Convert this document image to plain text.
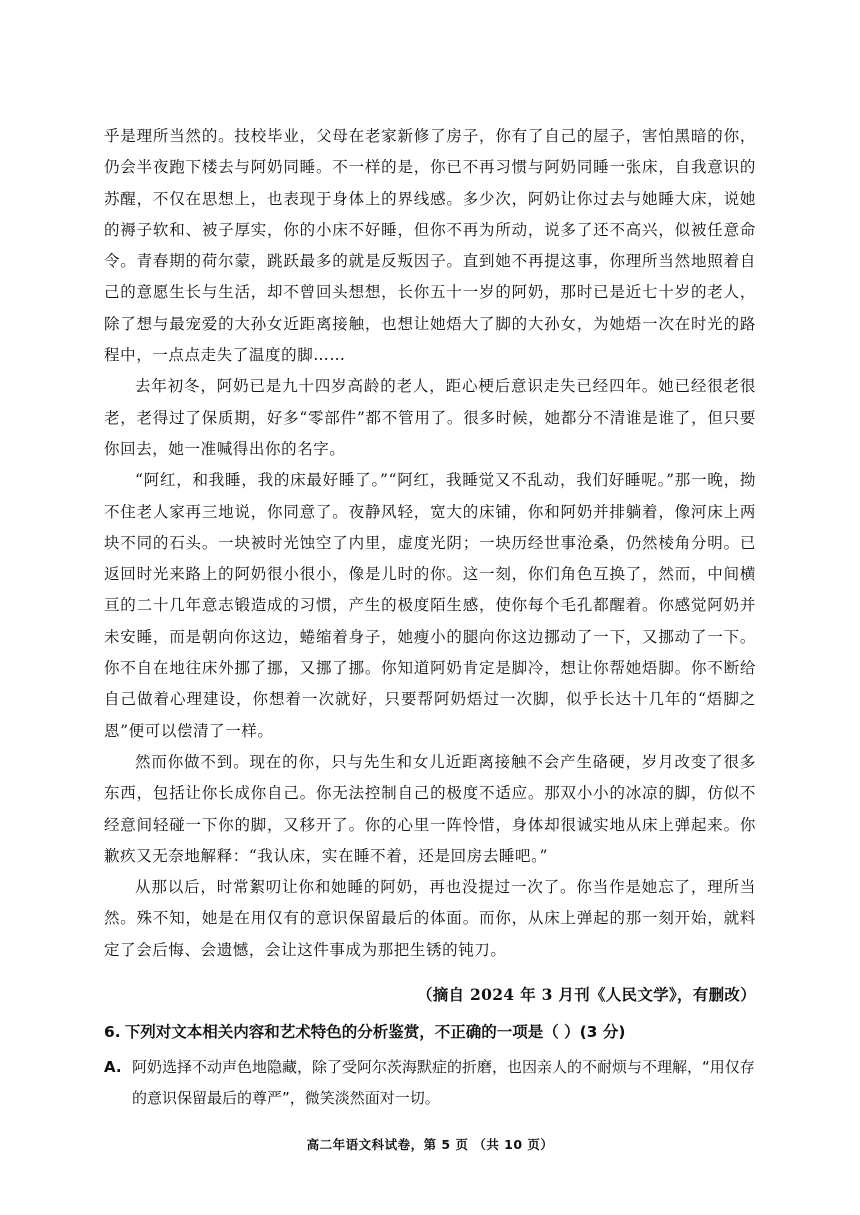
乎是理所当然的。技校毕业，父母在老家新修了房子，你有了自己的屋子，害怕黑暗的你，仍会半夜跑下楼去与阿奶同睡。不一样的是，你已不再习惯与阿奶同睡一张床，自我意识的苏醒，不仅在思想上，也表现于身体上的界线感。多少次，阿奶让你过去与她睡大床，说她的褥子软和、被子厚实，你的小床不好睡，但你不再为所动，说多了还不高兴，似被任意命令。青春期的荷尔蒙，跳跃最多的就是反叛因子。直到她不再提这事，你理所当然地照着自己的意愿生长与生活，却不曾回头想想，长你五十一岁的阿奶，那时已是近七十岁的老人，除了想与最宠爱的大孙女近距离接触，也想让她焐大了脚的大孙女，为她焐一次在时光的路程中，一点点走失了温度的脚……

去年初冬，阿奶已是九十四岁高龄的老人，距心梗后意识走失已经四年。她已经很老很老，老得过了保质期，好多“零部件”都不管用了。很多时候，她都分不清谁是谁了，但只要你回去，她一准喊得出你的名字。

“阿红，和我睡，我的床最好睡了。”“阿红，我睡觉又不乱动，我们好睡呢。”那一晚，拗不住老人家再三地说，你同意了。夜静风轻，宽大的床铺，你和阿奶并排躺着，像河床上两块不同的石头。一块被时光蚀空了内里，虚度光阴；一块历经世事沧桑，仍然棱角分明。已返回时光来路上的阿奶很小很小，像是儿时的你。这一刻，你们角色互换了，然而，中间横亘的二十几年意志锻造成的习惯，产生的极度陌生感，使你每个毛孔都醒着。你感觉阿奶并未安睡，而是朝向你这边，蜷缩着身子，她瘦小的腿向你这边挪动了一下，又挪动了一下。你不自在地往床外挪了挪，又挪了挪。你知道阿奶肯定是脚冷，想让你帮她焐脚。你不断给自己做着心理建设，你想着一次就好，只要帮阿奶焐过一次脚，似乎长达十几年的“焐脚之恩”便可以偿清了一样。

然而你做不到。现在的你，只与先生和女儿近距离接触不会产生硌硬，岁月改变了很多东西，包括让你长成你自己。你无法控制自己的极度不适应。那双小小的冰凉的脚，仿似不经意间轻碰一下你的脚，又移开了。你的心里一阵怜惜，身体却很诚实地从床上弹起来。你歉疚又无奈地解释：“我认床，实在睡不着，还是回房去睡吧。”

从那以后，时常絮叨让你和她睡的阿奶，再也没提过一次了。你当作是她忘了，理所当然。殊不知，她是在用仅有的意识保留最后的体面。而你，从床上弹起的那一刻开始，就料定了会后悔、会遗憾，会让这件事成为那把生锈的钝刀。

（摘自 2024 年 3 月刊《人民文学》，有删改）

6. 下列对文本相关内容和艺术特色的分析鉴赏，不正确的一项是（ ）(3 分)

A. 阿奶选择不动声色地隐藏，除了受阿尔茨海默症的折磨，也因亲人的不耐烦与不理解，“用仅存的意识保留最后的尊严”，微笑淡然面对一切。

高二年语文科试卷，第 5 页 （共 10 页）
